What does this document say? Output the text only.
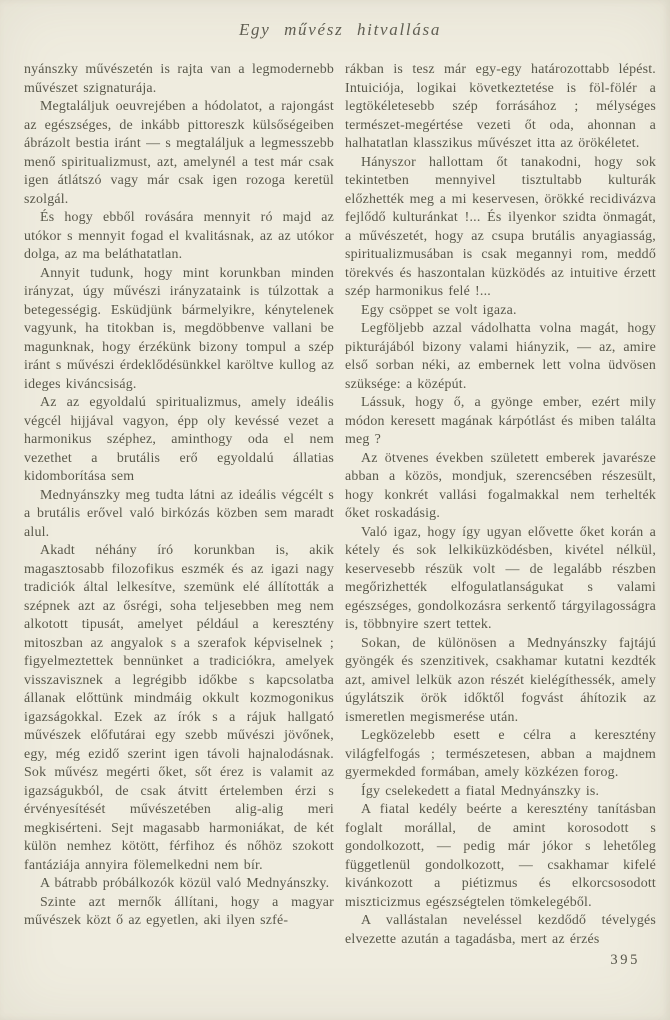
Egy művész hitvallása

nyánszky művészetén is rajta van a legmodernebb művészet szignaturája.

Megtaláljuk oeuvrejében a hódolatot, a rajongást az egészséges, de inkább pittoreszk külsőségeiben ábrázolt bestia iránt — s megtaláljuk a legmesszebb menő spiritualizmust, azt, amelynél a test már csak igen átlátszó vagy már csak igen rozoga keretül szolgál.

És hogy ebből rovására mennyit ró majd az utókor s mennyit fogad el kvalitásnak, az az utókor dolga, az ma beláthatatlan.

Annyit tudunk, hogy mint korunkban minden irányzat, úgy művészi irányzataink is túlzottak a betegességig. Esküdjünk bármelyikre, kénytelenek vagyunk, ha titokban is, megdöbbenve vallani be magunknak, hogy érzékünk bizony tompul a szép iránt s művészi érdeklődésünkkel karöltve kullog az ideges kiváncsiság.

Az az egyoldalú spiritualizmus, amely ideális végcél hijjával vagyon, épp oly kevéssé vezet a harmonikus széphez, aminthogy oda el nem vezethet a brutális erő egyoldalú állatias kidomborítása sem

Mednyánszky meg tudta látni az ideális végcélt s a brutális erővel való birkózás közben sem maradt alul.

Akadt néhány író korunkban is, akik magasztosabb filozofikus eszmék és az igazi nagy tradiciók által lelkesítve, szemünk elé állították a szépnek azt az ősrégi, soha teljesebben meg nem alkotott tipusát, amelyet például a keresztény mitoszban az angyalok s a szerafok képviselnek ; figyelmeztettek bennünket a tradiciókra, amelyek visszavisznek a legrégibb időkbe s kapcsolatba állanak előttünk mindmáig okkult kozmogonikus igazságokkal. Ezek az írók s a rájuk hallgató művészek előfutárai egy szebb művészi jövőnek, egy, még ezidő szerint igen távoli hajnalodásnak. Sok művész megérti őket, sőt érez is valamit az igazságukból, de csak átvitt értelemben érzi s érvényesítését művészetében alig-alig meri megkisérteni. Sejt magasabb harmoniákat, de két külön nemhez kötött, férfihoz és nőhöz szokott fantáziája annyira fölemelkedni nem bír.

A bátrabb próbálkozók közül való Mednyánszky.

Szinte azt mernők állítani, hogy a magyar művészek közt ő az egyetlen, aki ilyen szfé-

rákban is tesz már egy-egy határozottabb lépést. Intuiciója, logikai következtetése is föl-fölér a legtökéletesebb szép forrásához ; mélységes természet-megértése vezeti őt oda, ahonnan a halhatatlan klasszikus művészet itta az örökéletet.

Hányszor hallottam őt tanakodni, hogy sok tekintetben mennyivel tisztultabb kulturák előzhették meg a mi keservesen, örökké recidivázva fejlődő kulturánkat !... És ilyenkor szidta önmagát, a művészetét, hogy az csupa brutális anyagiasság, spiritualizmusában is csak megannyi rom, meddő törekvés és haszontalan küzködés az intuitive érzett szép harmonikus felé !...

Egy csöppet se volt igaza.

Legföljebb azzal vádolhatta volna magát, hogy pikturájából bizony valami hiányzik, — az, amire első sorban néki, az embernek lett volna üdvösen szüksége: a középút.

Lássuk, hogy ő, a gyönge ember, ezért mily módon keresett magának kárpótlást és miben találta meg ?

Az ötvenes években született emberek javarésze abban a közös, mondjuk, szerencsében részesült, hogy konkrét vallási fogalmakkal nem terhelték őket roskadásig.

Való igaz, hogy így ugyan elővette őket korán a kétely és sok lelkiküzködésben, kivétel nélkül, keservesebb részük volt — de legalább részben megőrizhették elfogulatlanságukat s valami egészséges, gondolkozásra serkentő tárgyilagosságra is, többnyire szert tettek.

Sokan, de különösen a Mednyánszky fajtájú gyöngék és szenzitivek, csakhamar kutatni kezdték azt, amivel lelkük azon részét kielégíthessék, amely úgylátszik örök időktől fogvást áhítozik az ismeretlen megismerése után.

Legközelebb esett e célra a keresztény világfelfogás ; természetesen, abban a majdnem gyermekded formában, amely közkézen forog.

Így cselekedett a fiatal Mednyánszky is.

A fiatal kedély beérte a keresztény tanításban foglalt morállal, de amint korosodott s gondolkozott, — pedig már jókor s lehetőleg függetlenül gondolkozott, — csakhamar kifelé kivánkozott a piétizmus és elkorcsosodott miszticizmus egészségtelen tömkelegéből.

A vallástalan neveléssel kezdődő tévelygés elvezette azután a tagadásba, mert az érzés

395
